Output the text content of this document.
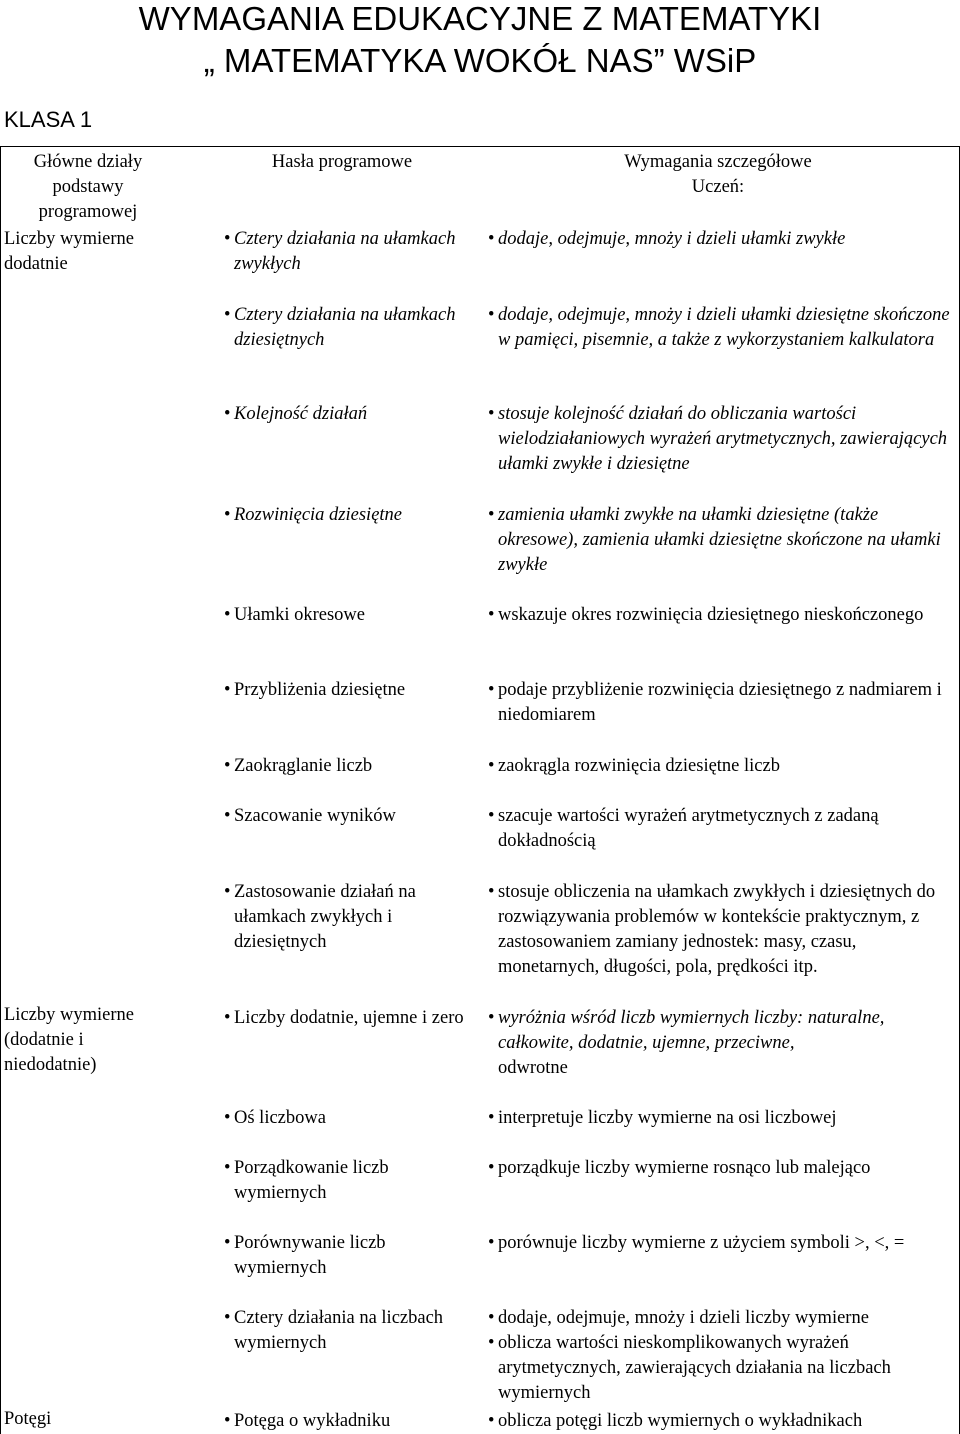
WYMAGANIA EDUKACYJNE Z MATEMATYKI
„ MATEMATYKA WOKÓŁ NAS” WSiP
KLASA 1
Główne działy podstawy programowej
Hasła programowe	Wymagania szczegółowe
Uczeń:
Liczby wymierne dodatnie
Liczby wymierne (dodatnie i niedodatnie)
Potęgi
• Cztery działania na ułamkach zwykłych
• Cztery działania na ułamkach dziesiętnych
• Kolejność działań
• Rozwinięcia dziesiętne
• Ułamki okresowe
• Przybliżenia dziesiętne
• Zaokrąglanie liczb
• Szacowanie wyników
• Zastosowanie działań na ułamkach zwykłych i dziesiętnych
• Liczby dodatnie, ujemne i zero
• Oś liczbowa
• Porządkowanie liczb wymiernych
• Porównywanie liczb wymiernych
• Cztery działania na liczbach wymiernych
• Potęga o wykładniku
• dodaje, odejmuje, mnoży i dzieli ułamki zwykłe
• dodaje, odejmuje, mnoży i dzieli ułamki dziesiętne skończone w pamięci, pisemnie, a także z wykorzystaniem kalkulatora
• stosuje kolejność działań do obliczania wartości wielodziałaniowych wyrażeń arytmetycznych, zawierających ułamki zwykłe i dziesiętne
• zamienia ułamki zwykłe na ułamki dziesiętne (także okresowe), zamienia ułamki dziesiętne skończone na ułamki zwykłe
• wskazuje okres rozwinięcia dziesiętnego nieskończonego
• podaje przybliżenie rozwinięcia dziesiętnego z nadmiarem i niedomiarem
• zaokrągla rozwinięcia dziesiętne liczb
• szacuje wartości wyrażeń arytmetycznych z zadaną dokładnością
• stosuje obliczenia na ułamkach zwykłych i dziesiętnych do rozwiązywania problemów w kontekście praktycznym, z zastosowaniem zamiany jednostek: masy, czasu, monetarnych, długości, pola, prędkości itp.
• wyróżnia wśród liczb wymiernych liczby: naturalne, całkowite, dodatnie, ujemne, przeciwne,
odwrotne
• interpretuje liczby wymierne na osi liczbowej
• porządkuje liczby wymierne rosnąco lub malejąco
• porównuje liczby wymierne z użyciem symboli >, <, =
• dodaje, odejmuje, mnoży i dzieli liczby wymierne
• oblicza wartości nieskomplikowanych wyrażeń arytmetycznych, zawierających działania na liczbach wymiernych
• oblicza potęgi liczb wymiernych o wykładnikach
